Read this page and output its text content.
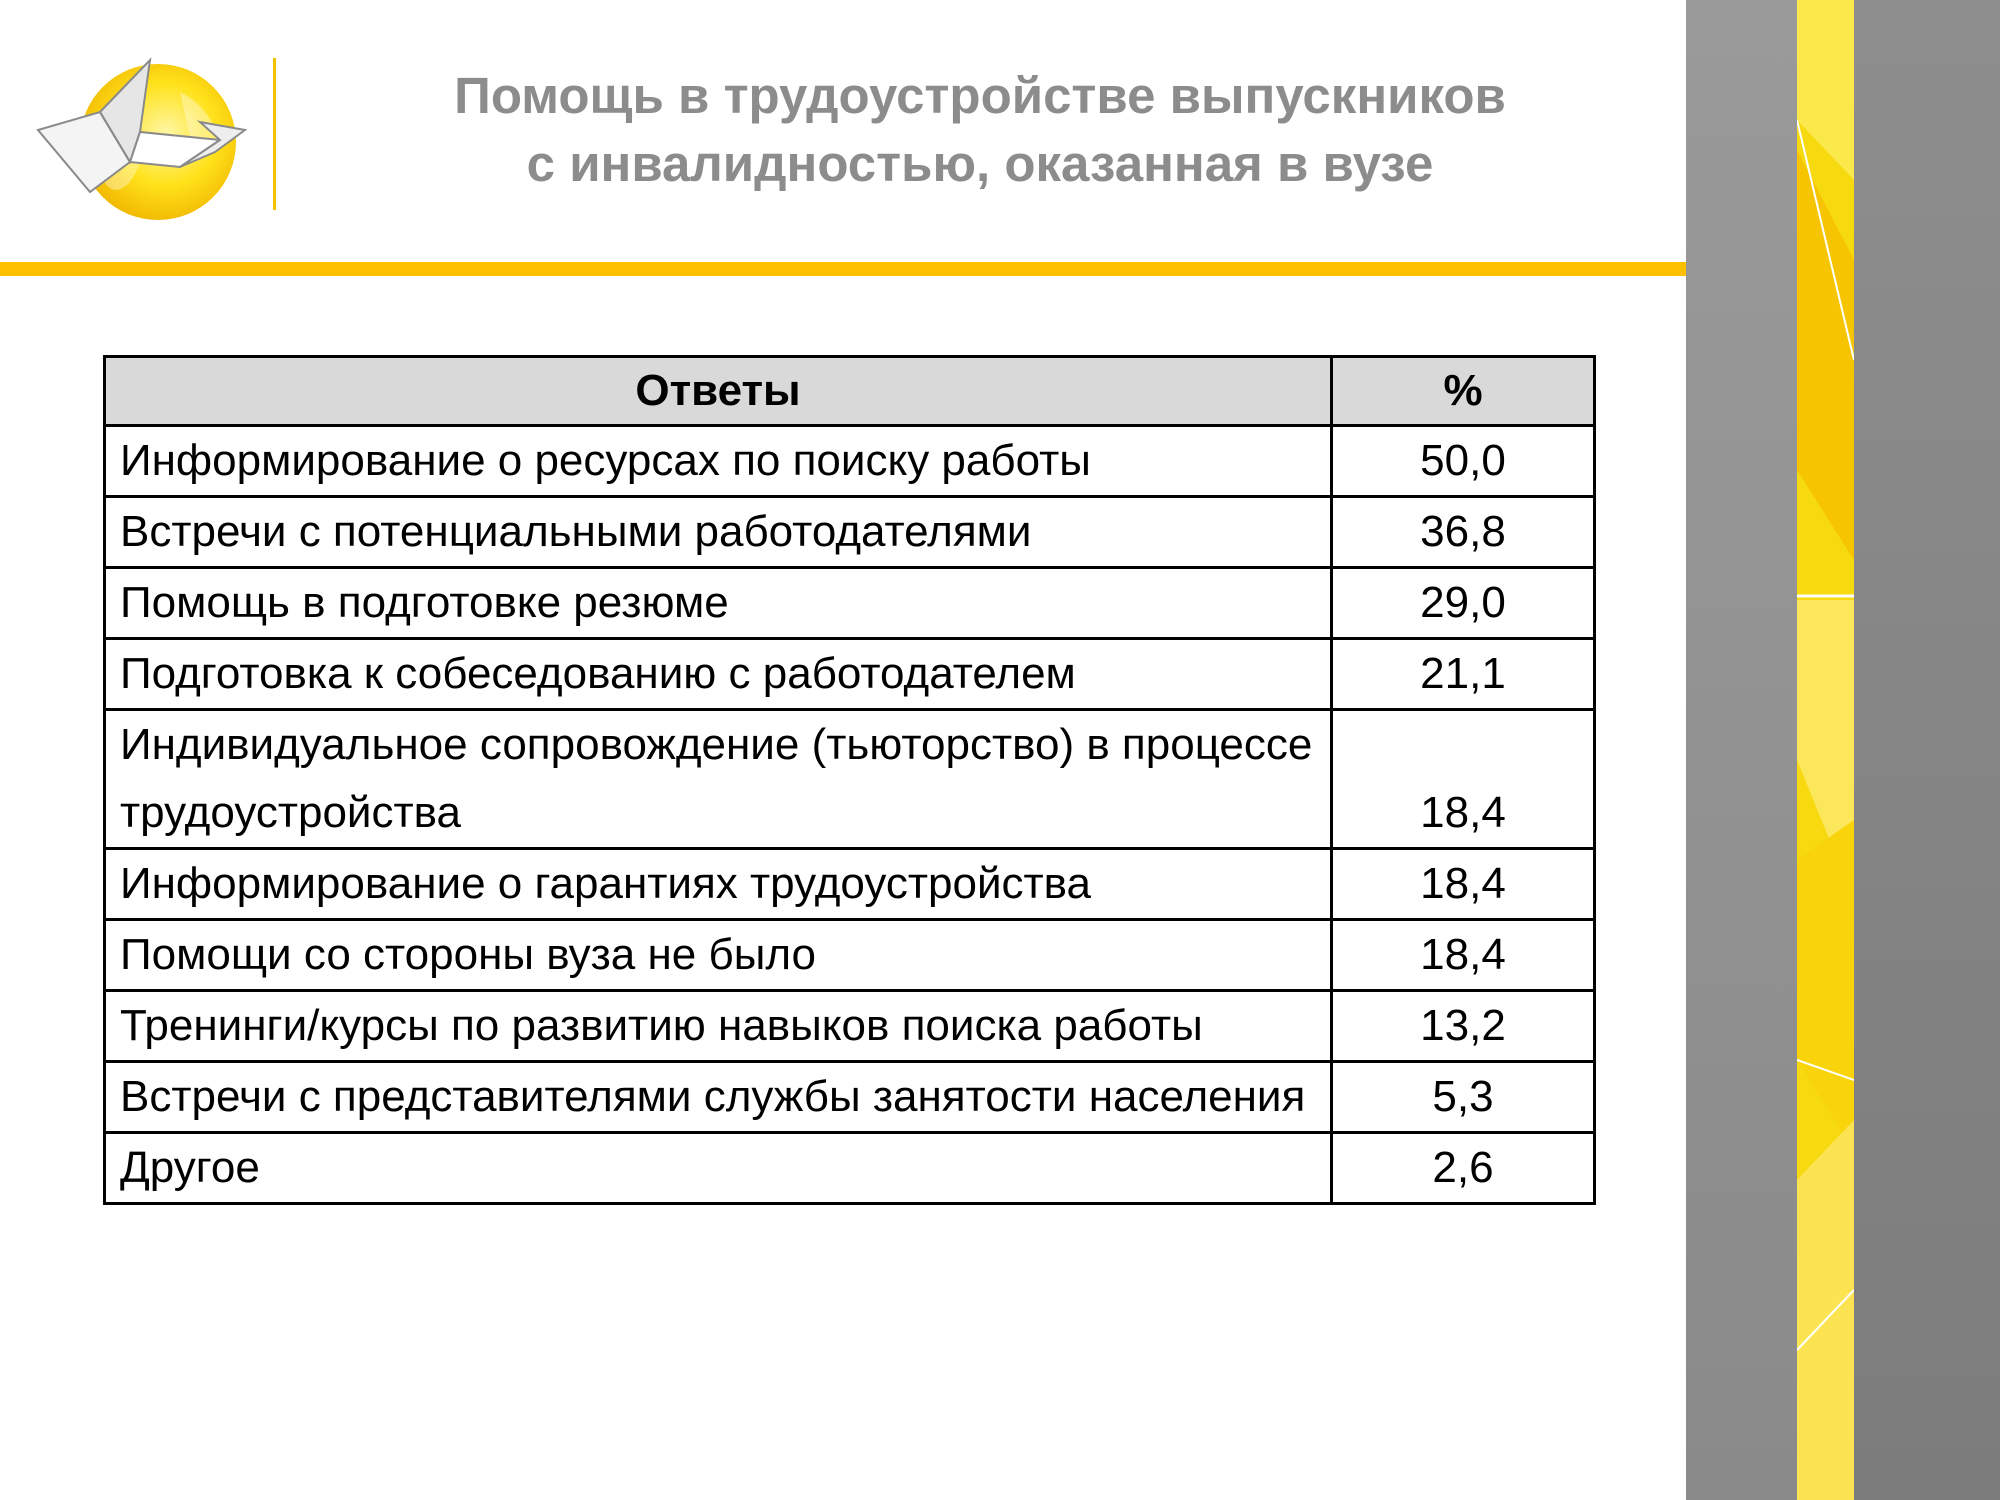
Помощь в трудоустройстве выпускников
с инвалидностью, оказанная в вузе
Ответы	%
Информирование о ресурсах по поиску работы	50,0
Встречи с потенциальными работодателями	36,8
Помощь в подготовке резюме	29,0
Подготовка к собеседованию с работодателем	21,1
Индивидуальное сопровождение (тьюторство) в процессе трудоустройства	18,4
Информирование о гарантиях трудоустройства	18,4
Помощи со стороны вуза не было	18,4
Тренинги/курсы по развитию навыков поиска работы	13,2
Встречи с представителями службы занятости населения	5,3
Другое	2,6
